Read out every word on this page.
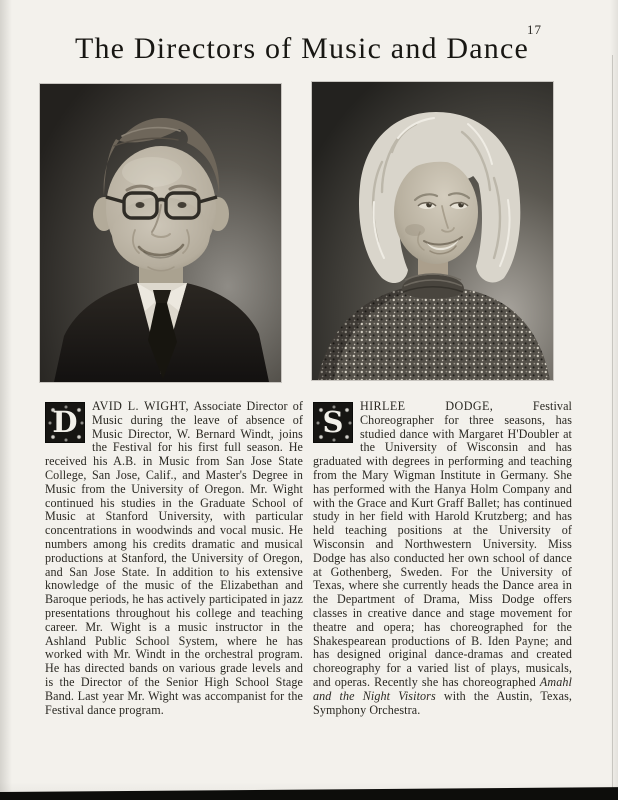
17
The Directors of Music and Dance

D	AVID L. WIGHT, Associate Director of Music during the leave of absence of Music Director, W. Bernard Windt, joins the Festival for his first full season. He received his A.B. in Music from San Jose State College, San Jose, Calif., and Master's Degree in Music from the University of Oregon. Mr. Wight continued his studies in the Graduate School of Music at Stanford University, with particular concentrations in woodwinds and vocal music. He numbers among his credits dramatic and musical productions at Stanford, the University of Oregon, and San Jose State. In addition to his extensive knowledge of the music of the Elizabethan and Baroque periods, he has actively participated in jazz presentations throughout his college and teaching career. Mr. Wight is a music instructor in the Ashland Public School System, where he has worked with Mr. Windt in the orchestral program. He has directed bands on various grade levels and is the Director of the Senior High School Stage Band. Last year Mr. Wight was accompanist for the Festival dance program.

S	HIRLEE DODGE, Festival Choreographer for three seasons, has studied dance with Margaret H'Doubler at the University of Wisconsin and has graduated with degrees in performing and teaching from the Mary Wigman Institute in Germany. She has performed with the Hanya Holm Company and with the Grace and Kurt Graff Ballet; has continued study in her field with Harold Krutzberg; and has held teaching positions at the University of Wisconsin and Northwestern University. Miss Dodge has also conducted her own school of dance at Gothenberg, Sweden. For the University of Texas, where she currently heads the Dance area in the Department of Drama, Miss Dodge offers classes in creative dance and stage movement for theatre and opera; has choreographed for the Shakespearean productions of B. Iden Payne; and has designed original dance-dramas and created choreography for a varied list of plays, musicals, and operas. Recently she has choreographed Amahl and the Night Visitors with the Austin, Texas, Symphony Orchestra.
